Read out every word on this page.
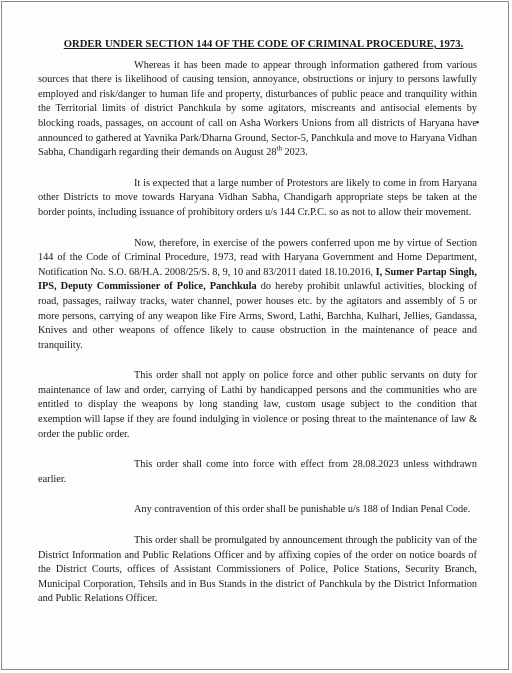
•
ORDER UNDER SECTION 144 OF THE CODE OF CRIMINAL PROCEDURE, 1973.

Whereas it has been made to appear through information gathered from various sources that there is likelihood of causing tension, annoyance, obstructions or injury to persons lawfully employed and risk/danger to human life and property, disturbances of public peace and tranquility within the Territorial limits of district Panchkula by some agitators, miscreants and antisocial elements by blocking roads, passages, on account of call on Asha Workers Unions from all districts of Haryana have announced to gathered at Yavnika Park/Dharna Ground, Sector-5, Panchkula and move to Haryana Vidhan Sabha, Chandigarh regarding their demands on August 28th 2023.

It is expected that a large number of Protestors are likely to come in from Haryana other Districts to move towards Haryana Vidhan Sabha, Chandigarh appropriate steps be taken at the border points, including issuance of prohibitory orders u/s 144 Cr.P.C. so as not to allow their movement.

Now, therefore, in exercise of the powers conferred upon me by virtue of Section 144 of the Code of Criminal Procedure, 1973, read with Haryana Government and Home Department, Notification No. S.O. 68/H.A. 2008/25/S. 8, 9, 10 and 83/2011 dated 18.10.2016, I, Sumer Partap Singh, IPS, Deputy Commissioner of Police, Panchkula do hereby prohibit unlawful activities, blocking of road, passages, railway tracks, water channel, power houses etc. by the agitators and assembly of 5 or more persons, carrying of any weapon like Fire Arms, Sword, Lathi, Barchha, Kulhari, Jellies, Gandassa, Knives and other weapons of offence likely to cause obstruction in the maintenance of peace and tranquility.

This order shall not apply on police force and other public servants on duty for maintenance of law and order, carrying of Lathi by handicapped persons and the communities who are entitled to display the weapons by long standing law, custom usage subject to the condition that exemption will lapse if they are found indulging in violence or posing threat to the maintenance of law & order the public order.

This order shall come into force with effect from 28.08.2023 unless withdrawn earlier.

Any contravention of this order shall be punishable u/s 188 of Indian Penal Code.

This order shall be promulgated by announcement through the publicity van of the District Information and Public Relations Officer and by affixing copies of the order on notice boards of the District Courts, offices of Assistant Commissioners of Police, Police Stations, Security Branch, Municipal Corporation, Tehsils and in Bus Stands in the district of Panchkula by the District Information and Public Relations Officer.
